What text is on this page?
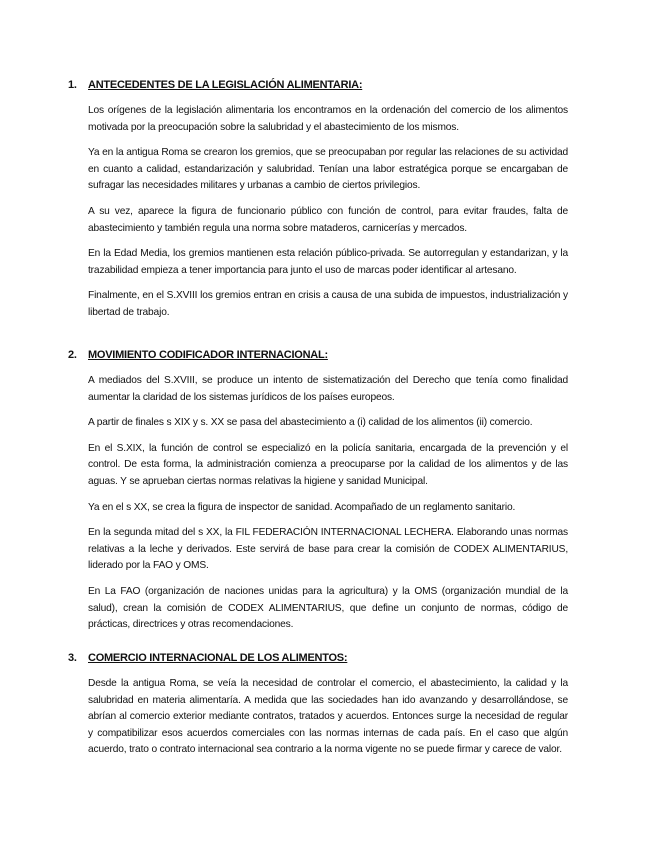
1. ANTECEDENTES DE LA LEGISLACIÓN ALIMENTARIA:

Los orígenes de la legislación alimentaria los encontramos en la ordenación del comercio de los alimentos motivada por la preocupación sobre la salubridad y el abastecimiento de los mismos.

Ya en la antigua Roma se crearon los gremios, que se preocupaban por regular las relaciones de su actividad en cuanto a calidad, estandarización y salubridad. Tenían una labor estratégica porque se encargaban de sufragar las necesidades militares y urbanas a cambio de ciertos privilegios.

A su vez, aparece la figura de funcionario público con función de control, para evitar fraudes, falta de abastecimiento y también regula una norma sobre mataderos, carnicerías y mercados.

En la Edad Media, los gremios mantienen esta relación público-privada. Se autorregulan y estandarizan, y la trazabilidad empieza a tener importancia para junto el uso de marcas poder identificar al artesano.

Finalmente, en el S.XVIII los gremios entran en crisis a causa de una subida de impuestos, industrialización y libertad de trabajo.

2. MOVIMIENTO CODIFICADOR INTERNACIONAL:

A mediados del S.XVIII, se produce un intento de sistematización del Derecho que tenía como finalidad aumentar la claridad de los sistemas jurídicos de los países europeos.

A partir de finales s XIX y s. XX se pasa del abastecimiento a (i) calidad de los alimentos (ii) comercio.

En el S.XIX, la función de control se especializó en la policía sanitaria, encargada de la prevención y el control. De esta forma, la administración comienza a preocuparse por la calidad de los alimentos y de las aguas. Y se aprueban ciertas normas relativas la higiene y sanidad Municipal.

Ya en el s XX, se crea la figura de inspector de sanidad. Acompañado de un reglamento sanitario.

En la segunda mitad del s XX, la FIL FEDERACIÓN INTERNACIONAL LECHERA. Elaborando unas normas relativas a la leche y derivados. Este servirá de base para crear la comisión de CODEX ALIMENTARIUS, liderado por la FAO y OMS.

En La FAO (organización de naciones unidas para la agricultura) y la OMS (organización mundial de la salud), crean la comisión de CODEX ALIMENTARIUS, que define un conjunto de normas, código de prácticas, directrices y otras recomendaciones.

3. COMERCIO INTERNACIONAL DE LOS ALIMENTOS:

Desde la antigua Roma, se veía la necesidad de controlar el comercio, el abastecimiento, la calidad y la salubridad en materia alimentaría. A medida que las sociedades han ido avanzando y desarrollándose, se abrían al comercio exterior mediante contratos, tratados y acuerdos. Entonces surge la necesidad de regular y compatibilizar esos acuerdos comerciales con las normas internas de cada país. En el caso que algún acuerdo, trato o contrato internacional sea contrario a la norma vigente no se puede firmar y carece de valor.
